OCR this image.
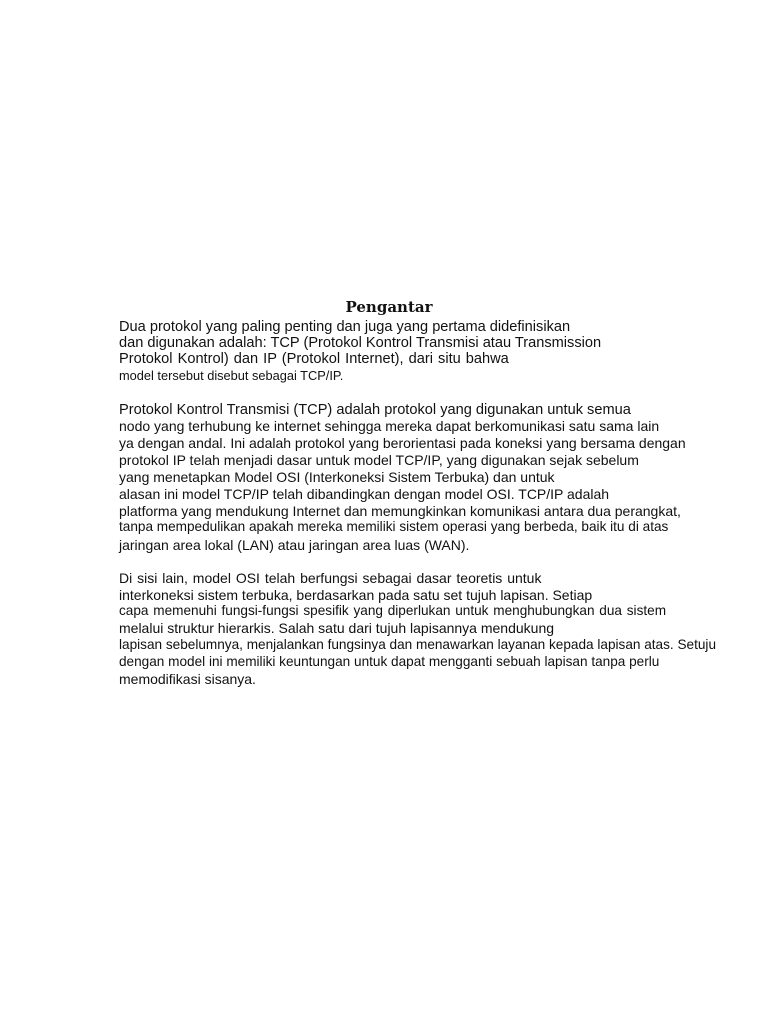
Pengantar

Dua protokol yang paling penting dan juga yang pertama didefinisikan

dan digunakan adalah: TCP (Protokol Kontrol Transmisi atau Transmission

Protokol Kontrol) dan IP (Protokol Internet), dari situ bahwa

model tersebut disebut sebagai TCP/IP.

Protokol Kontrol Transmisi (TCP) adalah protokol yang digunakan untuk semua

nodo yang terhubung ke internet sehingga mereka dapat berkomunikasi satu sama lain

ya dengan andal. Ini adalah protokol yang berorientasi pada koneksi yang bersama dengan

protokol IP telah menjadi dasar untuk model TCP/IP, yang digunakan sejak sebelum

yang menetapkan Model OSI (Interkoneksi Sistem Terbuka) dan untuk

alasan ini model TCP/IP telah dibandingkan dengan model OSI. TCP/IP adalah

platforma yang mendukung Internet dan memungkinkan komunikasi antara dua perangkat,

tanpa mempedulikan apakah mereka memiliki sistem operasi yang berbeda, baik itu di atas

jaringan area lokal (LAN) atau jaringan area luas (WAN).

Di sisi lain, model OSI telah berfungsi sebagai dasar teoretis untuk

interkoneksi sistem terbuka, berdasarkan pada satu set tujuh lapisan. Setiap

capa memenuhi fungsi-fungsi spesifik yang diperlukan untuk menghubungkan dua sistem

melalui struktur hierarkis. Salah satu dari tujuh lapisannya mendukung

lapisan sebelumnya, menjalankan fungsinya dan menawarkan layanan kepada lapisan atas. Setuju

dengan model ini memiliki keuntungan untuk dapat mengganti sebuah lapisan tanpa perlu

memodifikasi sisanya.
